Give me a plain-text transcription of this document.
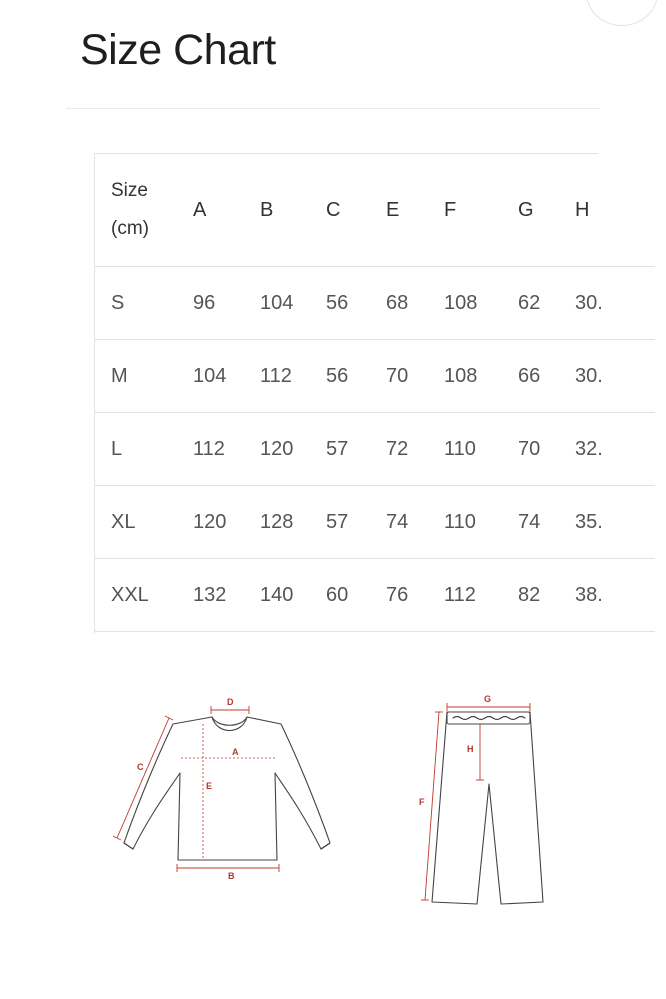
Size Chart
Size
(cm)	A	B	C	E	F	G	H
S	96	104	56	68	108	62	30.
M	104	112	56	70	108	66	30.
L	112	120	57	72	110	70	32.
XL	120	128	57	74	110	74	35.
XXL	132	140	60	76	112	82	38.
D
A
E
B
C
G
H
F
